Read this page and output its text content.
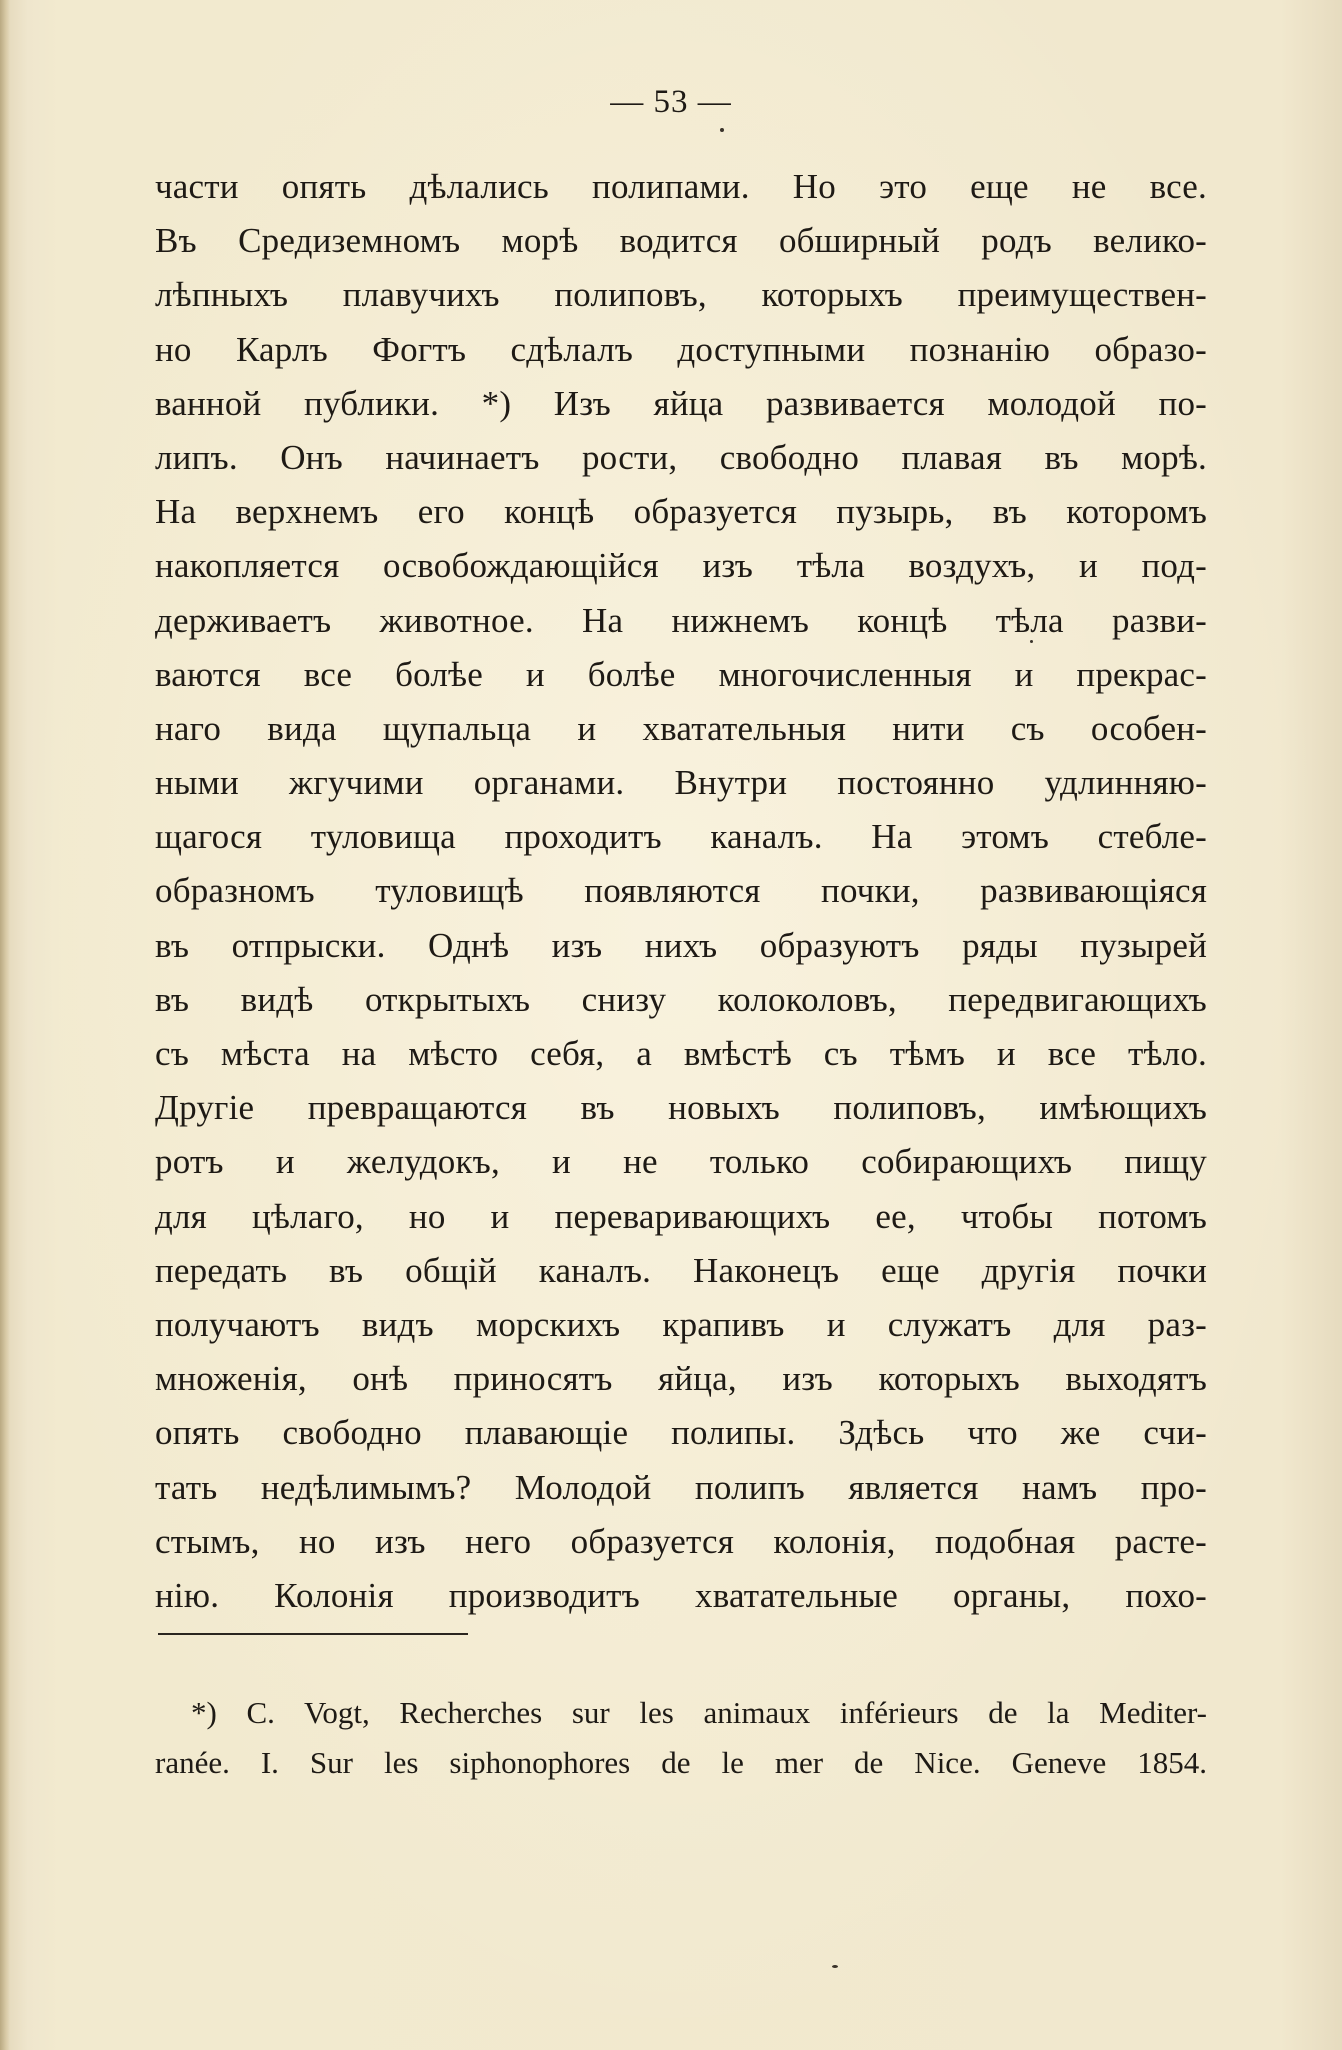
— 53 —
части опять дѣлались полипами. Но это еще не все.
Въ Средиземномъ морѣ водится обширный родъ велико-
лѣпныхъ плавучихъ полиповъ, которыхъ преимуществен-
но Карлъ Фогтъ сдѣлалъ доступными познанію образо-
ванной публики. *) Изъ яйца развивается молодой по-
липъ. Онъ начинаетъ рости, свободно плавая въ морѣ.
На верхнемъ его концѣ образуется пузырь, въ которомъ
накопляется освобождающійся изъ тѣла воздухъ, и под-
держиваетъ животное. На нижнемъ концѣ тѣла разви-
ваются все болѣе и болѣе многочисленныя и прекрас-
наго вида щупальца и хватательныя нити съ особен-
ными жгучими органами. Внутри постоянно удлинняю-
щагося туловища проходитъ каналъ. На этомъ стебле-
образномъ туловищѣ появляются почки, развивающіяся
въ отпрыски. Однѣ изъ нихъ образуютъ ряды пузырей
въ видѣ открытыхъ снизу колоколовъ, передвигающихъ
съ мѣста на мѣсто себя, а вмѣстѣ съ тѣмъ и все тѣло.
Другіе превращаются въ новыхъ полиповъ, имѣющихъ
ротъ и желудокъ, и не только собирающихъ пищу
для цѣлаго, но и переваривающихъ ее, чтобы потомъ
передать въ общій каналъ. Наконецъ еще другія почки
получаютъ видъ морскихъ крапивъ и служатъ для раз-
множенія, онѣ приносятъ яйца, изъ которыхъ выходятъ
опять свободно плавающіе полипы. Здѣсь что же счи-
тать недѣлимымъ? Молодой полипъ является намъ про-
стымъ, но изъ него образуется колонія, подобная расте-
нію. Колонія производитъ хватательные органы, похо-
*) C. Vogt, Recherches sur les animaux inférieurs de la Mediter-
ranée. I. Sur les siphonophores de le mer de Nice. Geneve 1854.
